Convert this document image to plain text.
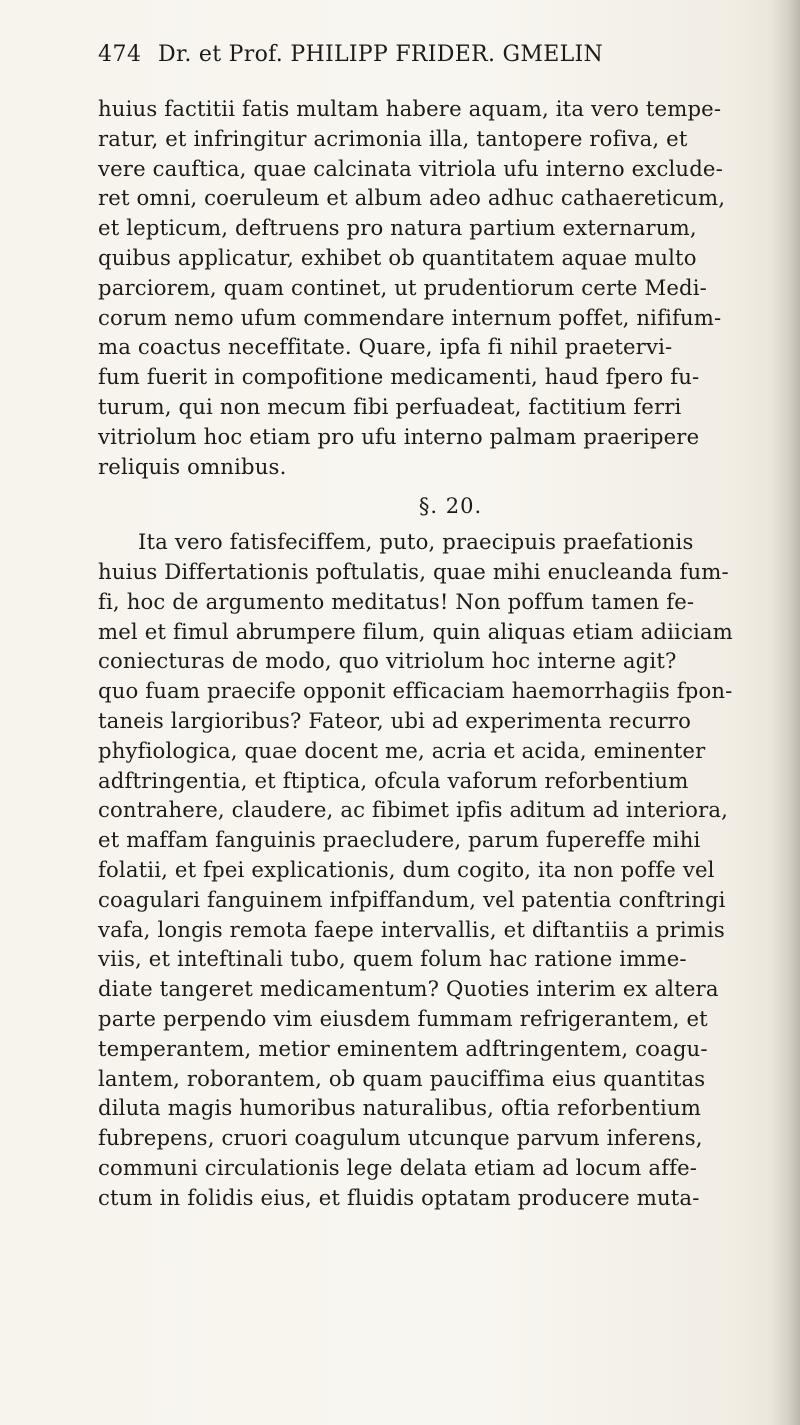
474 Dr. et Prof. PHILIPP FRIDER. GMELIN
huius factitii fatis multam habere aquam, ita vero tempe-
ratur, et infringitur acrimonia illa, tantopere rofiva, et
vere cauftica, quae calcinata vitriola ufu interno exclude-
ret omni, coeruleum et album adeo adhuc cathaereticum,
et lepticum, deftruens pro natura partium externarum,
quibus applicatur, exhibet ob quantitatem aquae multo
parciorem, quam continet, ut prudentiorum certe Medi-
corum nemo ufum commendare internum poffet, nififum-
ma coactus neceffitate. Quare, ipfa fi nihil praetervi-
fum fuerit in compofitione medicamenti, haud fpero fu-
turum, qui non mecum fibi perfuadeat, factitium ferri
vitriolum hoc etiam pro ufu interno palmam praeripere
reliquis omnibus.
§. 20.
Ita vero fatisfeciffem, puto, praecipuis praefationis
huius Differtationis poftulatis, quae mihi enucleanda fum-
fi, hoc de argumento meditatus! Non poffum tamen fe-
mel et fimul abrumpere filum, quin aliquas etiam adiiciam
coniecturas de modo, quo vitriolum hoc interne agit?
quo fuam praecife opponit efficaciam haemorrhagiis fpon-
taneis largioribus? Fateor, ubi ad experimenta recurro
phyfiologica, quae docent me, acria et acida, eminenter
adftringentia, et ftiptica, ofcula vaforum reforbentium
contrahere, claudere, ac fibimet ipfis aditum ad interiora,
et maffam fanguinis praecludere, parum fupereffe mihi
folatii, et fpei explicationis, dum cogito, ita non poffe vel
coagulari fanguinem infpiffandum, vel patentia conftringi
vafa, longis remota faepe intervallis, et diftantiis a primis
viis, et inteftinali tubo, quem folum hac ratione imme-
diate tangeret medicamentum? Quoties interim ex altera
parte perpendo vim eiusdem fummam refrigerantem, et
temperantem, metior eminentem adftringentem, coagu-
lantem, roborantem, ob quam pauciffima eius quantitas
diluta magis humoribus naturalibus, oftia reforbentium
fubrepens, cruori coagulum utcunque parvum inferens,
communi circulationis lege delata etiam ad locum affe-
ctum in folidis eius, et fluidis optatam producere muta-
